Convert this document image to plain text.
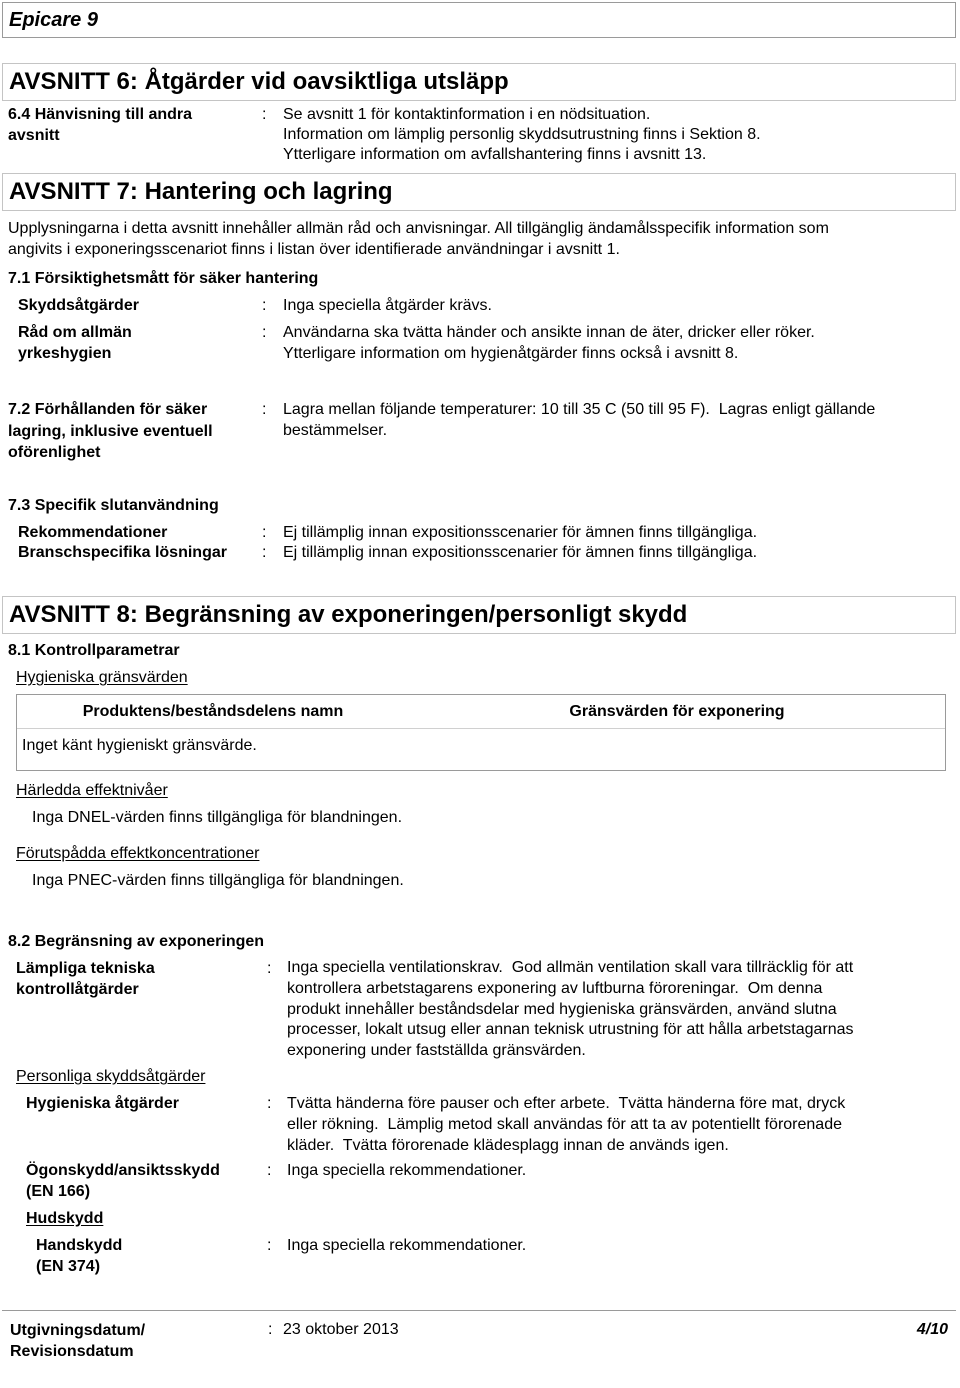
Epicare 9
AVSNITT 6: Åtgärder vid oavsiktliga utsläpp
6.4 Hänvisning till andra
avsnitt
: Se avsnitt 1 för kontaktinformation i en nödsituation.
Information om lämplig personlig skyddsutrustning finns i Sektion 8.
Ytterligare information om avfallshantering finns i avsnitt 13.
AVSNITT 7: Hantering och lagring
Upplysningarna i detta avsnitt innehåller allmän råd och anvisningar. All tillgänglig ändamålsspecifik information som
angivits i exponeringsscenariot finns i listan över identifierade användningar i avsnitt 1.
7.1 Försiktighetsmått för säker hantering
Skyddsåtgärder	: Inga speciella åtgärder krävs.
Råd om allmän
yrkeshygien
: Användarna ska tvätta händer och ansikte innan de äter, dricker eller röker.
Ytterligare information om hygienåtgärder finns också i avsnitt 8.
7.2 Förhållanden för säker
lagring, inklusive eventuell
oförenlighet
: Lagra mellan följande temperaturer: 10 till 35 C (50 till 95 F).  Lagras enligt gällande
bestämmelser.
7.3 Specifik slutanvändning
Rekommendationer	: Ej tillämplig innan expositionsscenarier för ämnen finns tillgängliga.
Branschspecifika lösningar : Ej tillämplig innan expositionsscenarier för ämnen finns tillgängliga.
AVSNITT 8: Begränsning av exponeringen/personligt skydd
8.1 Kontrollparametrar
Hygieniska gränsvärden
Produktens/beståndsdelens namn	Gränsvärden för exponering
Inget känt hygieniskt gränsvärde.
Härledda effektnivåer
Inga DNEL-värden finns tillgängliga för blandningen.
Förutspådda effektkoncentrationer
Inga PNEC-värden finns tillgängliga för blandningen.
8.2 Begränsning av exponeringen
Lämpliga tekniska
kontrollåtgärder
: Inga speciella ventilationskrav.  God allmän ventilation skall vara tillräcklig för att
kontrollera arbetstagarens exponering av luftburna föroreningar.  Om denna
produkt innehåller beståndsdelar med hygieniska gränsvärden, använd slutna
processer, lokalt utsug eller annan teknisk utrustning för att hålla arbetstagarnas
exponering under fastställda gränsvärden.
Personliga skyddsåtgärder
Hygieniska åtgärder	: Tvätta händerna före pauser och efter arbete.  Tvätta händerna före mat, dryck
eller rökning.  Lämplig metod skall användas för att ta av potentiellt förorenade
kläder.  Tvätta förorenade klädesplagg innan de används igen.
Ögonskydd/ansiktsskydd
(EN 166)
: Inga speciella rekommendationer.
Hudskydd
Handskydd
(EN 374)
: Inga speciella rekommendationer.
Utgivningsdatum/
Revisionsdatum
: 23 oktober 2013	4/10
